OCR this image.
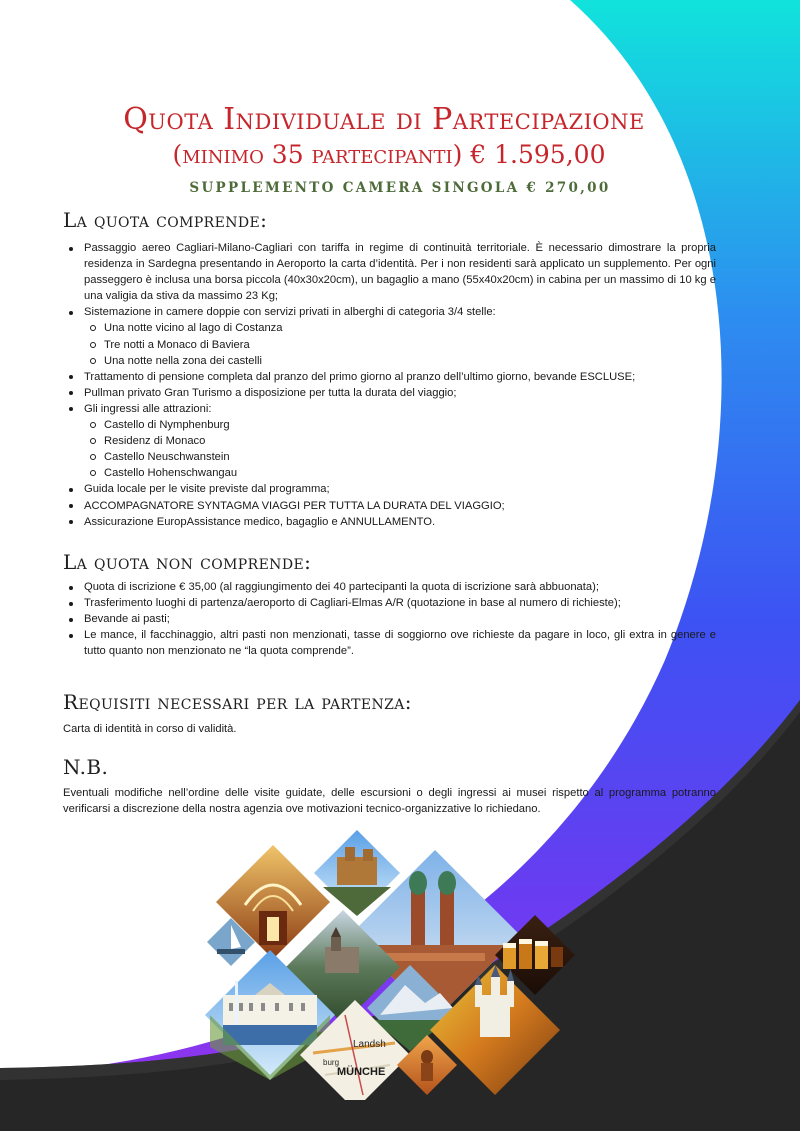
Quota Individuale di Partecipazione
(minimo 35 partecipanti) € 1.595,00

SUPPLEMENTO CAMERA SINGOLA € 270,00

La quota comprende:
Passaggio aereo Cagliari-Milano-Cagliari con tariffa in regime di continuità territoriale. È necessario dimostrare la propria residenza in Sardegna presentando in Aeroporto la carta d’identità. Per i non residenti sarà applicato un supplemento. Per ogni passeggero è inclusa una borsa piccola (40x30x20cm), un bagaglio a mano (55x40x20cm) in cabina per un massimo di 10 kg e una valigia da stiva da massimo 23 Kg;
Sistemazione in camere doppie con servizi privati in alberghi di categoria 3/4 stelle:
Una notte vicino al lago di Costanza
Tre notti a Monaco di Baviera
Una notte nella zona dei castelli
Trattamento di pensione completa dal pranzo del primo giorno al pranzo dell’ultimo giorno, bevande ESCLUSE;
Pullman privato Gran Turismo a disposizione per tutta la durata del viaggio;
Gli ingressi alle attrazioni:
Castello di Nymphenburg
Residenz di Monaco
Castello Neuschwanstein
Castello Hohenschwangau
Guida locale per le visite previste dal programma;
ACCOMPAGNATORE SYNTAGMA VIAGGI PER TUTTA LA DURATA DEL VIAGGIO;
Assicurazione EuropAssistance medico, bagaglio e ANNULLAMENTO.
La quota non comprende:
Quota di iscrizione € 35,00 (al raggiungimento dei 40 partecipanti la quota di iscrizione sarà abbuonata);
Trasferimento luoghi di partenza/aeroporto di Cagliari-Elmas A/R (quotazione in base al numero di richieste);
Bevande ai pasti;
Le mance, il facchinaggio, altri pasti non menzionati, tasse di soggiorno ove richieste da pagare in loco, gli extra in genere e tutto quanto non menzionato ne “la quota comprende”.
Requisiti necessari per la partenza:

Carta di identità in corso di validità.

N.B.

Eventuali modifiche nell’ordine delle visite guidate, delle escursioni o degli ingressi ai musei rispetto al programma potranno verificarsi a discrezione della nostra agenzia ove motivazioni tecnico-organizzative lo richiedano.

Landsh
burg
MÜNCHE
